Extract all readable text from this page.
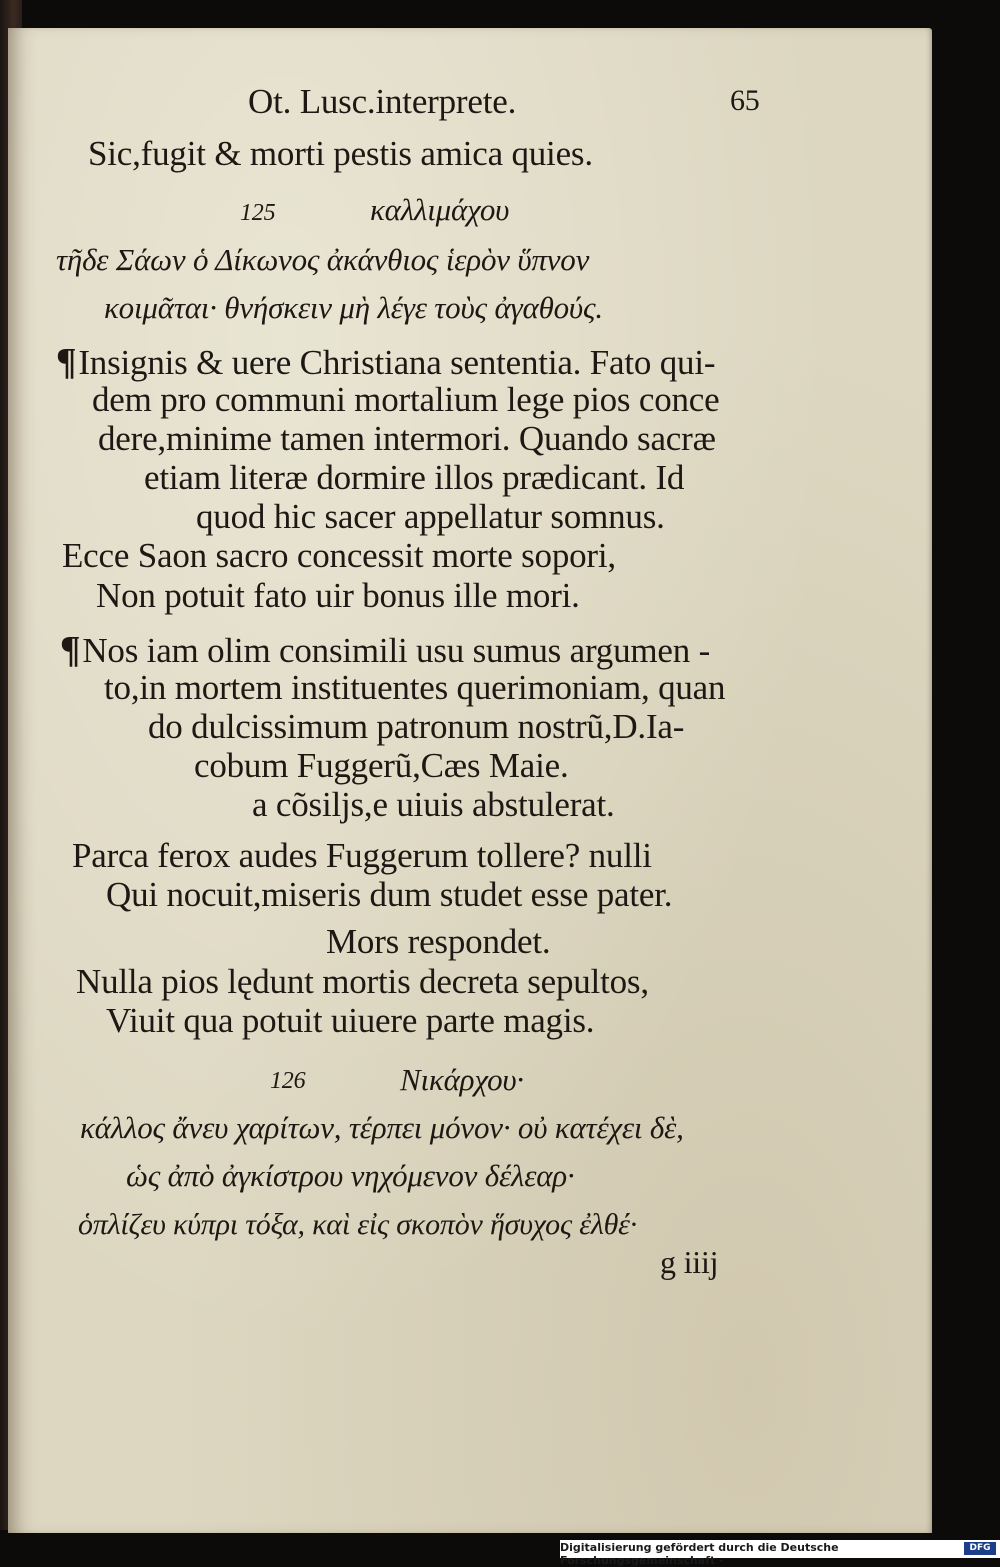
Ot. Lusc.interprete.	65
Sic,fugit & morti pestis amica quies.
125	καλλιμάχου
τῆδε Σάων ὁ Δίκωνος ἀκάνθιος ἱερὸν ὕπνον
κοιμᾶται· θνήσκειν μὴ λέγε τοὺς ἀγαθούς.
¶Insignis & uere Christiana sententia. Fato qui-
dem pro communi mortalium lege pios conce
dere,minime tamen intermori. Quando sacræ
etiam literæ dormire illos prædicant. Id
quod hic sacer appellatur somnus.
Ecce Saon sacro concessit morte sopori,
Non potuit fato uir bonus ille mori.
¶Nos iam olim consimili usu sumus argumen -
to,in mortem instituentes querimoniam, quan
do dulcissimum patronum nostrũ,D.Ia-
cobum Fuggerũ,Cæs Maie.
a cõsiljs,e uiuis abstulerat.
Parca ferox audes Fuggerum tollere? nulli
Qui nocuit,miseris dum studet esse pater.
Mors respondet.
Nulla pios lędunt mortis decreta sepultos,
Viuit qua potuit uiuere parte magis.
126	Νικάρχου·
κάλλος ἄνευ χαρίτων, τέρπει μόνον· οὐ κατέχει δὲ,
ὡς ἀπὸ ἀγκίστρου νηχόμενον δέλεαρ·
ὁπλίζευ κύπρι τόξα, καὶ εἰς σκοπὸν ἥσυχος ἐλθέ·
g iiij
Digitalisierung gefördert durch die Deutsche Forschungsgemeinschaft -
DFG
